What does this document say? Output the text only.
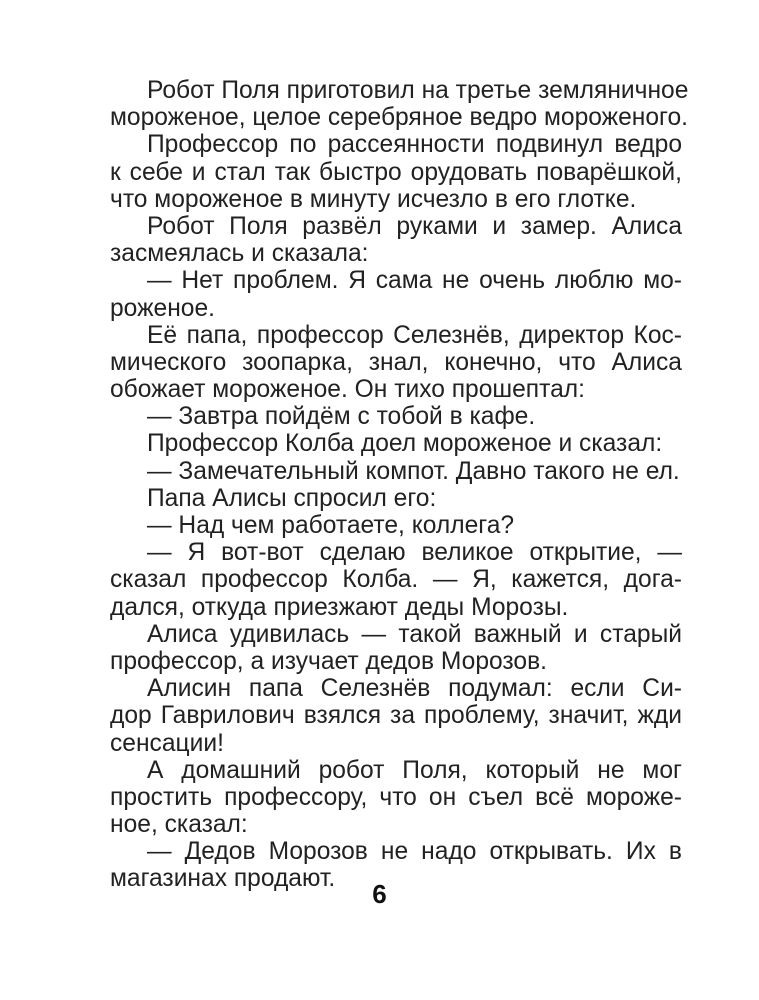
Робот Поля приготовил на третье земляничное
мороженое, целое серебряное ведро мороженого.
Профессор по рассеянности подвинул ведро
к себе и стал так быстро орудовать поварёшкой,
что мороженое в минуту исчезло в его глотке.
Робот Поля развёл руками и замер. Алиса
засмеялась и сказала:
— Нет проблем. Я сама не очень люблю мо-
роженое.
Её папа, профессор Селезнёв, директор Кос-
мического зоопарка, знал, конечно, что Алиса
обожает мороженое. Он тихо прошептал:
— Завтра пойдём с тобой в кафе.
Профессор Колба доел мороженое и сказал:
— Замечательный компот. Давно такого не ел.
Папа Алисы спросил его:
— Над чем работаете, коллега?
— Я вот-вот сделаю великое открытие, —
сказал профессор Колба. — Я, кажется, дога-
дался, откуда приезжают деды Морозы.
Алиса удивилась — такой важный и старый
профессор, а изучает дедов Морозов.
Алисин папа Селезнёв подумал: если Си-
дор Гаврилович взялся за проблему, значит, жди
сенсации!
А домашний робот Поля, который не мог
простить профессору, что он съел всё мороже-
ное, сказал:
— Дедов Морозов не надо открывать. Их в
магазинах продают.
6
